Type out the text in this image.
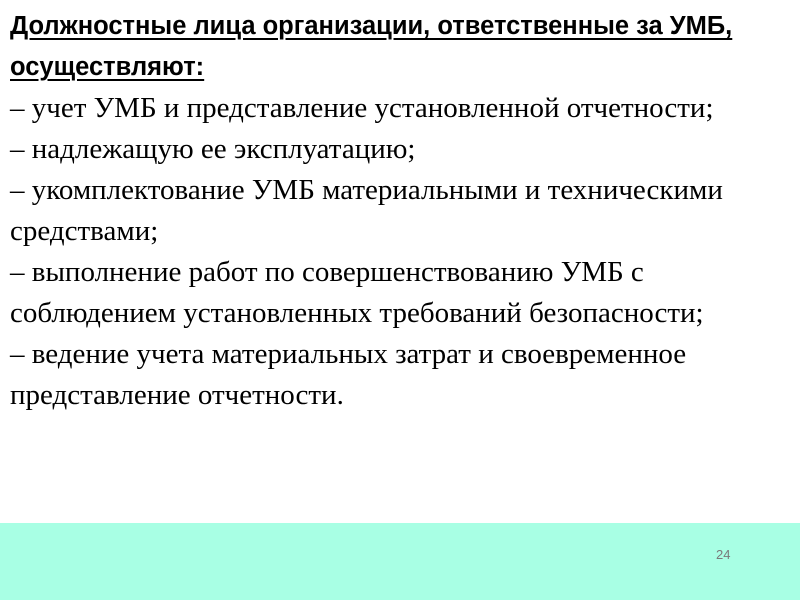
Должностные лица организации, ответственные за УМБ, осуществляют:

– учет УМБ и представление установленной отчетности;

– надлежащую ее эксплуатацию;

– укомплектование УМБ материальными и техническими средствами;

– выполнение работ по совершенствованию УМБ с соблюдением установленных требований безопасности;

– ведение учета материальных затрат и своевременное представление отчетности.

24
